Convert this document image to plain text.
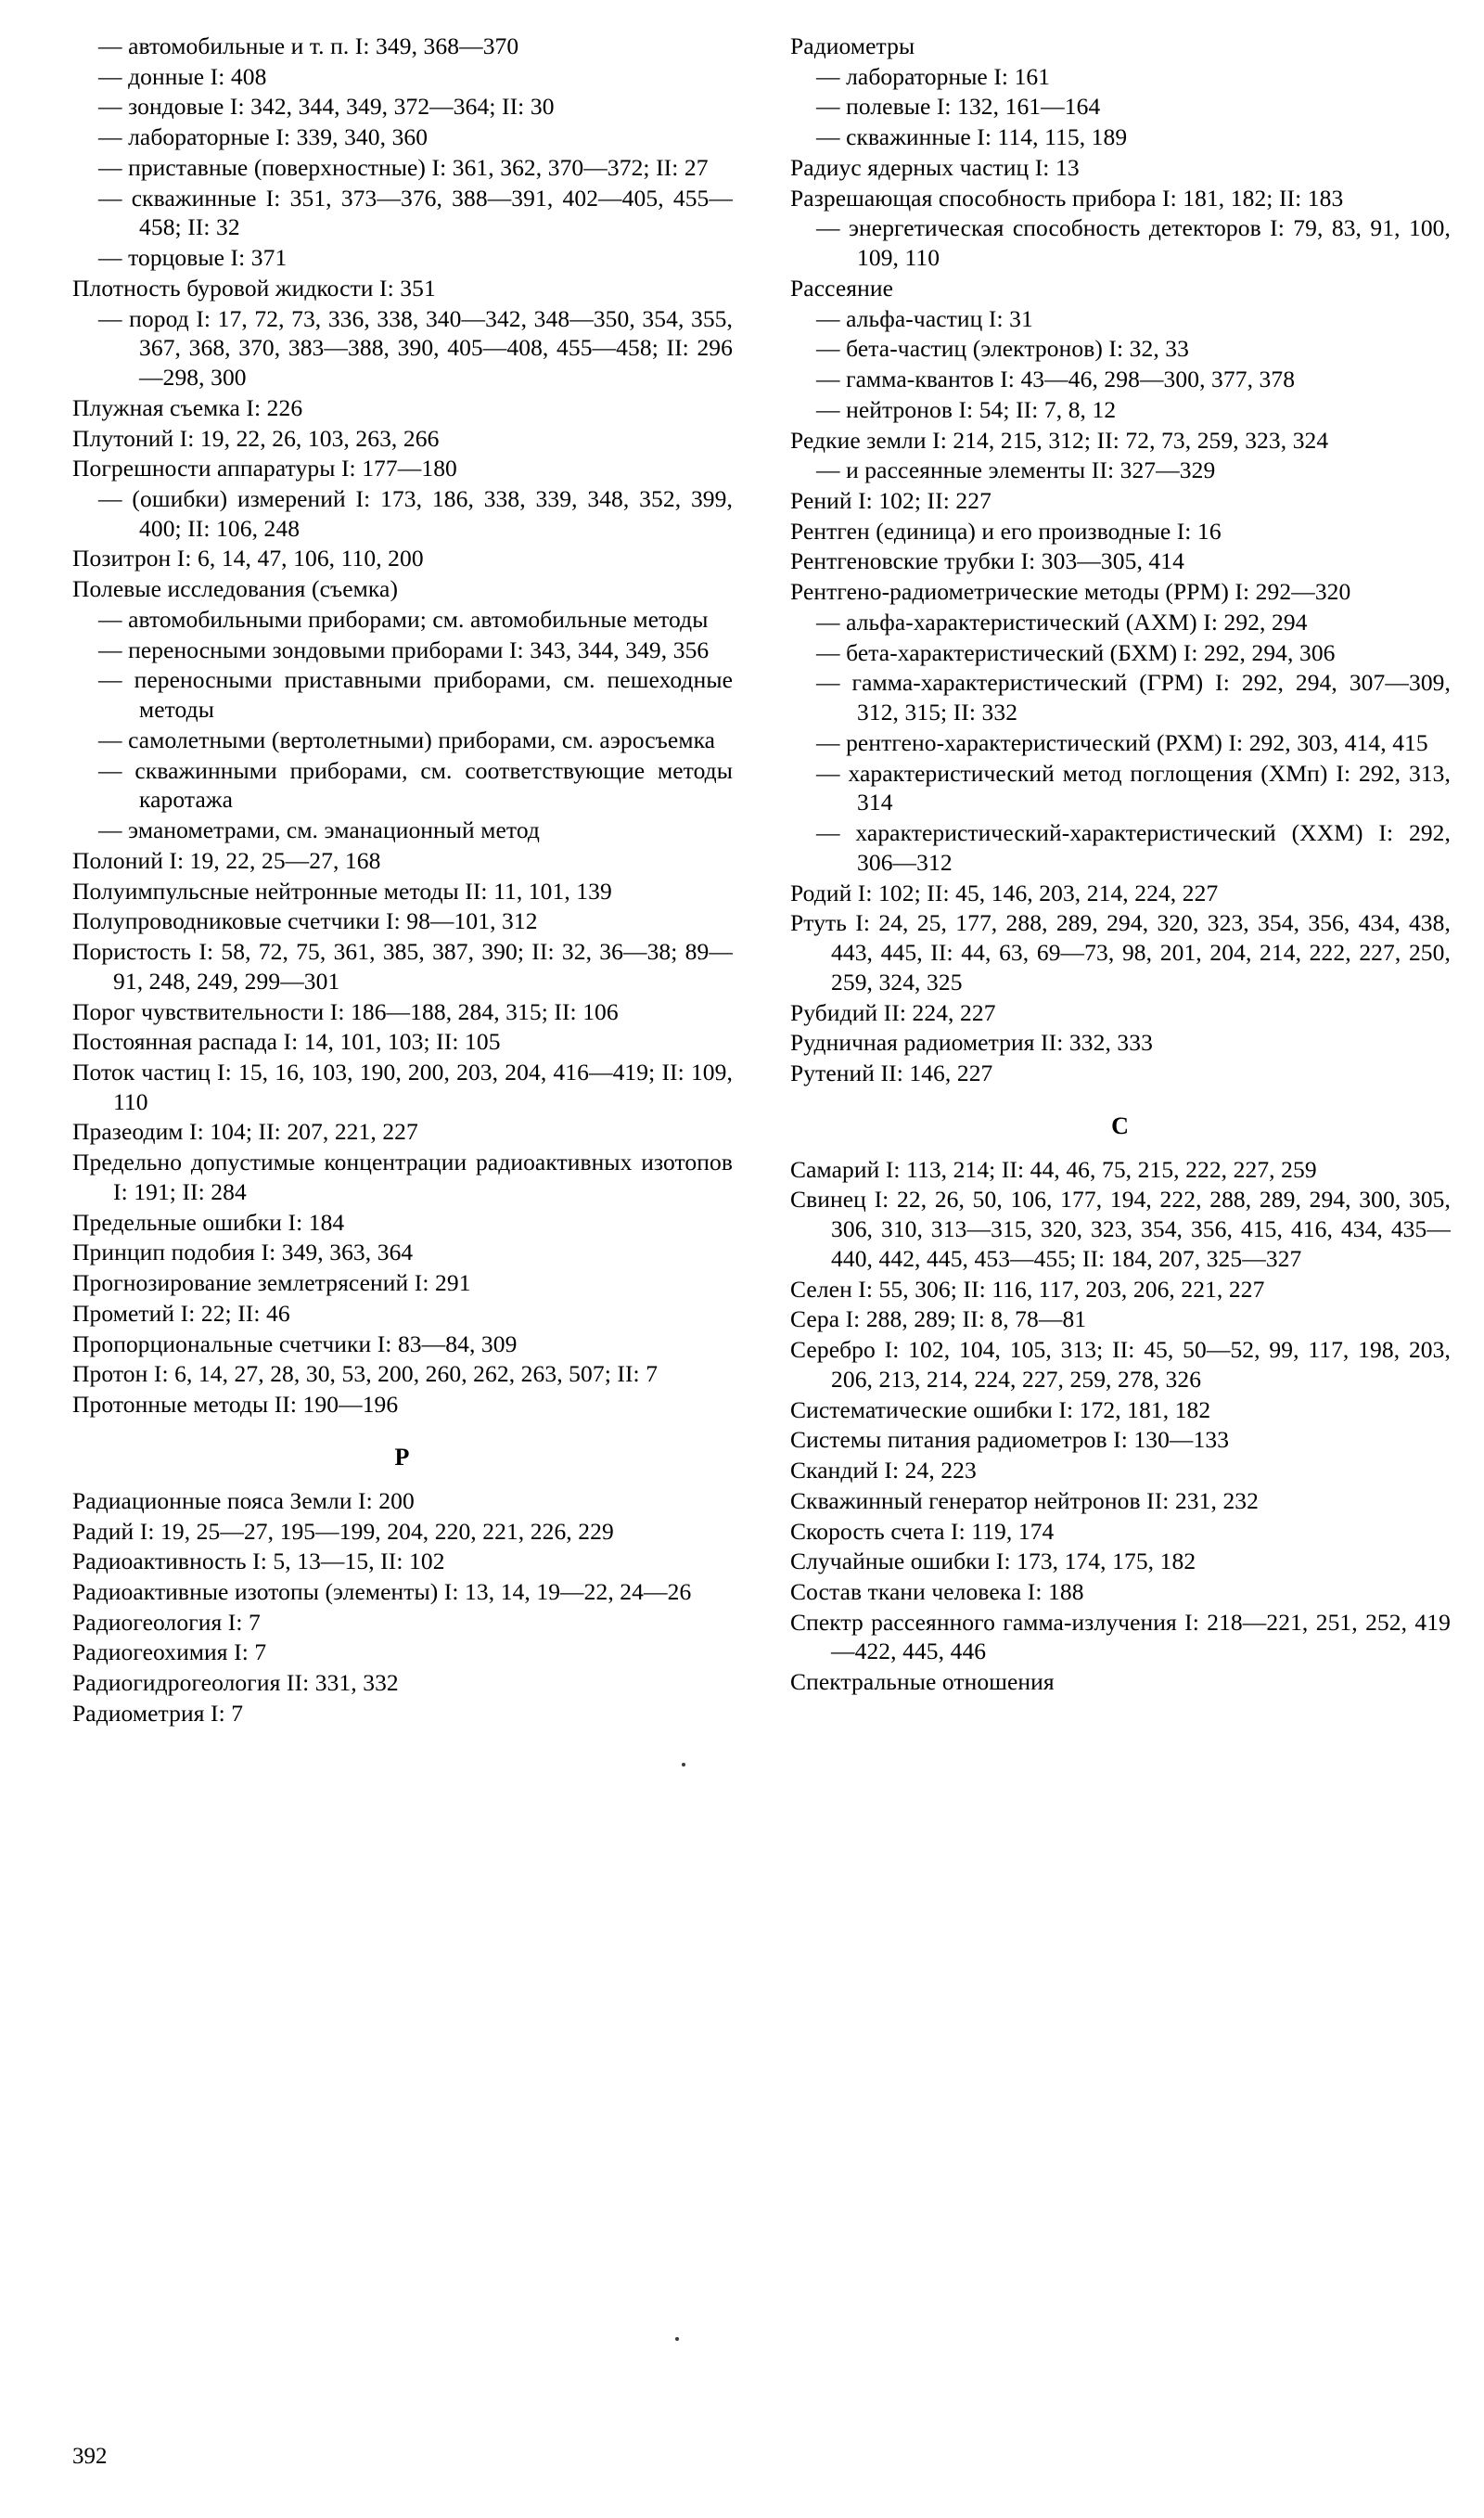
— автомобильные и т. п. I: 349, 368—370
— донные I: 408
— зондовые I: 342, 344, 349, 372—364; II: 30
— лабораторные I: 339, 340, 360
— приставные (поверхностные) I: 361, 362, 370—372; II: 27
— скважинные I: 351, 373—376, 388—391, 402—405, 455—458; II: 32
— торцовые I: 371
Плотность буровой жидкости I: 351
— пород I: 17, 72, 73, 336, 338, 340—342, 348—350, 354, 355, 367, 368, 370, 383—388, 390, 405—408, 455—458; II: 296—298, 300
Плужная съемка I: 226
Плутоний I: 19, 22, 26, 103, 263, 266
Погрешности аппаратуры I: 177—180
— (ошибки) измерений I: 173, 186, 338, 339, 348, 352, 399, 400; II: 106, 248
Позитрон I: 6, 14, 47, 106, 110, 200
Полевые исследования (съемка)
— автомобильными приборами; см. автомобильные методы
— переносными зондовыми приборами I: 343, 344, 349, 356
— переносными приставными приборами, см. пешеходные методы
— самолетными (вертолетными) приборами, см. аэросъемка
— скважинными приборами, см. соответствующие методы каротажа
— эманометрами, см. эманационный метод
Полоний I: 19, 22, 25—27, 168
Полуимпульсные нейтронные методы II: 11, 101, 139
Полупроводниковые счетчики I: 98—101, 312
Пористость I: 58, 72, 75, 361, 385, 387, 390; II: 32, 36—38; 89—91, 248, 249, 299—301
Порог чувствительности I: 186—188, 284, 315; II: 106
Постоянная распада I: 14, 101, 103; II: 105
Поток частиц I: 15, 16, 103, 190, 200, 203, 204, 416—419; II: 109, 110
Празеодим I: 104; II: 207, 221, 227
Предельно допустимые концентрации радиоактивных изотопов I: 191; II: 284
Предельные ошибки I: 184
Принцип подобия I: 349, 363, 364
Прогнозирование землетрясений I: 291
Прометий I: 22; II: 46
Пропорциональные счетчики I: 83—84, 309
Протон I: 6, 14, 27, 28, 30, 53, 200, 260, 262, 263, 507; II: 7
Протонные методы II: 190—196
Р
Радиационные пояса Земли I: 200
Радий I: 19, 25—27, 195—199, 204, 220, 221, 226, 229
Радиоактивность I: 5, 13—15, II: 102
Радиоактивные изотопы (элементы) I: 13, 14, 19—22, 24—26
Радиогеология I: 7
Радиогеохимия I: 7
Радиогидрогеология II: 331, 332
Радиометрия I: 7
Радиометры
— лабораторные I: 161
— полевые I: 132, 161—164
— скважинные I: 114, 115, 189
Радиус ядерных частиц I: 13
Разрешающая способность прибора I: 181, 182; II: 183
— энергетическая способность детекторов I: 79, 83, 91, 100, 109, 110
Рассеяние
— альфа-частиц I: 31
— бета-частиц (электронов) I: 32, 33
— гамма-квантов I: 43—46, 298—300, 377, 378
— нейтронов I: 54; II: 7, 8, 12
Редкие земли I: 214, 215, 312; II: 72, 73, 259, 323, 324
— и рассеянные элементы II: 327—329
Рений I: 102; II: 227
Рентген (единица) и его производные I: 16
Рентгеновские трубки I: 303—305, 414
Рентгено-радиометрические методы (РРМ) I: 292—320
— альфа-характеристический (АХМ) I: 292, 294
— бета-характеристический (БХМ) I: 292, 294, 306
— гамма-характеристический (ГРМ) I: 292, 294, 307—309, 312, 315; II: 332
— рентгено-характеристический (РХМ) I: 292, 303, 414, 415
— характеристический метод поглощения (ХМп) I: 292, 313, 314
— характеристический-характеристический (ХХМ) I: 292, 306—312
Родий I: 102; II: 45, 146, 203, 214, 224, 227
Ртуть I: 24, 25, 177, 288, 289, 294, 320, 323, 354, 356, 434, 438, 443, 445, II: 44, 63, 69—73, 98, 201, 204, 214, 222, 227, 250, 259, 324, 325
Рубидий II: 224, 227
Рудничная радиометрия II: 332, 333
Рутений II: 146, 227
С
Самарий I: 113, 214; II: 44, 46, 75, 215, 222, 227, 259
Свинец I: 22, 26, 50, 106, 177, 194, 222, 288, 289, 294, 300, 305, 306, 310, 313—315, 320, 323, 354, 356, 415, 416, 434, 435—440, 442, 445, 453—455; II: 184, 207, 325—327
Селен I: 55, 306; II: 116, 117, 203, 206, 221, 227
Сера I: 288, 289; II: 8, 78—81
Серебро I: 102, 104, 105, 313; II: 45, 50—52, 99, 117, 198, 203, 206, 213, 214, 224, 227, 259, 278, 326
Систематические ошибки I: 172, 181, 182
Системы питания радиометров I: 130—133
Скандий I: 24, 223
Скважинный генератор нейтронов II: 231, 232
Скорость счета I: 119, 174
Случайные ошибки I: 173, 174, 175, 182
Состав ткани человека I: 188
Спектр рассеянного гамма-излучения I: 218—221, 251, 252, 419—422, 445, 446
Спектральные отношения
392
